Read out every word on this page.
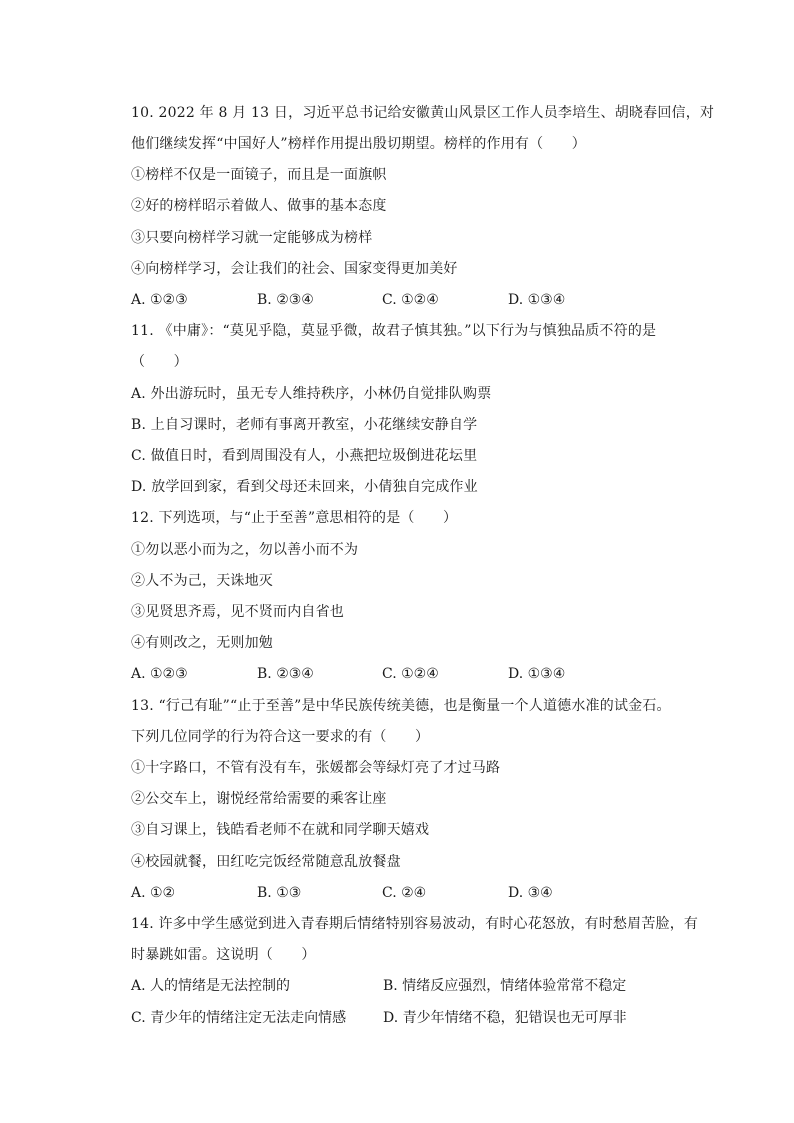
10. 2022 年 8 月 13 日，习近平总书记给安徽黄山风景区工作人员李培生、胡晓春回信，对
他们继续发挥“中国好人”榜样作用提出殷切期望。榜样的作用有（　　）
①榜样不仅是一面镜子，而且是一面旗帜
②好的榜样昭示着做人、做事的基本态度
③只要向榜样学习就一定能够成为榜样
④向榜样学习，会让我们的社会、国家变得更加美好
A. ①②③	B. ②③④	C. ①②④	D. ①③④
11. 《中庸》：“莫见乎隐，莫显乎微，故君子慎其独。”以下行为与慎独品质不符的是
（　　）
A. 外出游玩时，虽无专人维持秩序，小林仍自觉排队购票
B. 上自习课时，老师有事离开教室，小花继续安静自学
C. 做值日时，看到周围没有人，小燕把垃圾倒进花坛里
D. 放学回到家，看到父母还未回来，小倩独自完成作业
12. 下列选项，与“止于至善”意思相符的是（　　）
①勿以恶小而为之，勿以善小而不为
②人不为己，天诛地灭
③见贤思齐焉，见不贤而内自省也
④有则改之，无则加勉
A. ①②③	B. ②③④	C. ①②④	D. ①③④
13. “行己有耻”“止于至善”是中华民族传统美德，也是衡量一个人道德水准的试金石。
下列几位同学的行为符合这一要求的有（　　）
①十字路口，不管有没有车，张媛都会等绿灯亮了才过马路
②公交车上，谢悦经常给需要的乘客让座
③自习课上，钱皓看老师不在就和同学聊天嬉戏
④校园就餐，田红吃完饭经常随意乱放餐盘
A. ①②	B. ①③	C. ②④	D. ③④
14. 许多中学生感觉到进入青春期后情绪特别容易波动，有时心花怒放，有时愁眉苦脸，有
时暴跳如雷。这说明（　　）
A. 人的情绪是无法控制的	B. 情绪反应强烈，情绪体验常常不稳定
C. 青少年的情绪注定无法走向情感	D. 青少年情绪不稳，犯错误也无可厚非
